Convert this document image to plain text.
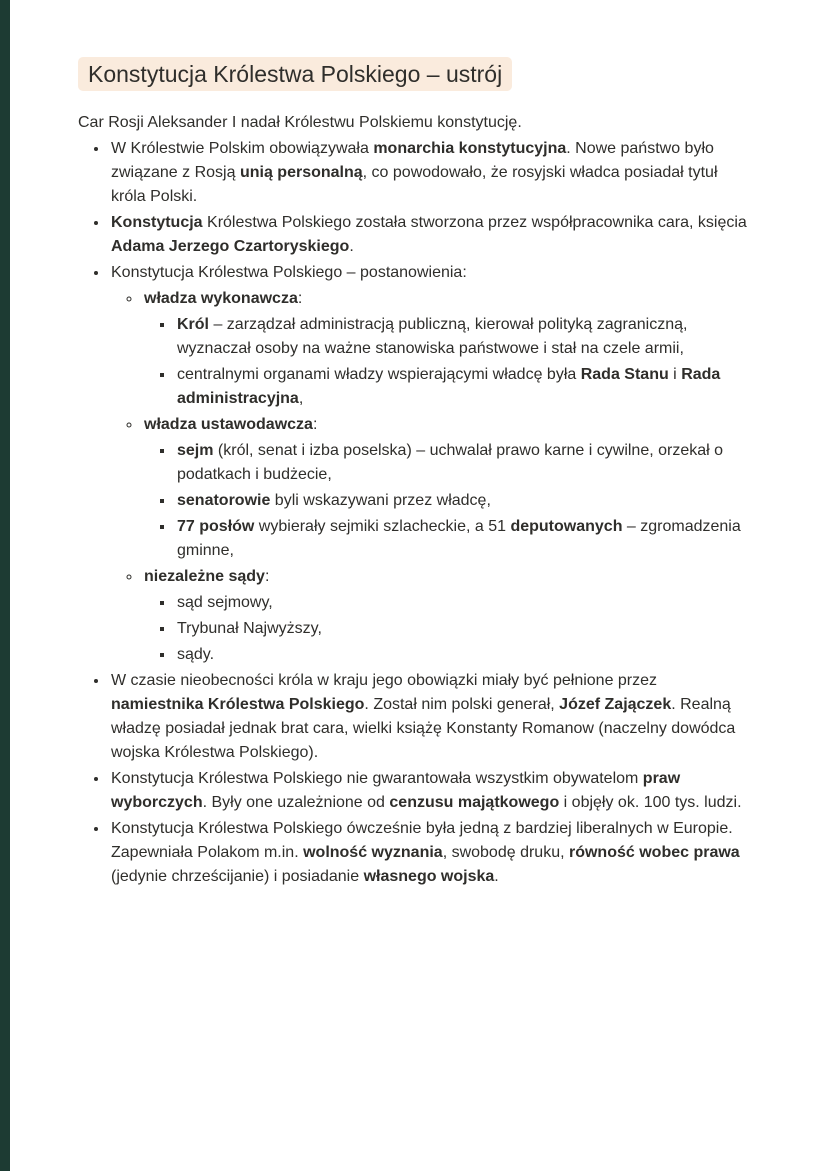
Konstytucja Królestwa Polskiego – ustrój

Car Rosji Aleksander I nadał Królestwu Polskiemu konstytucję.

• W Królestwie Polskim obowiązywała monarchia konstytucyjna. Nowe państwo było związane z Rosją unią personalną, co powodowało, że rosyjski władca posiadał tytuł króla Polski.
• Konstytucja Królestwa Polskiego została stworzona przez współpracownika cara, księcia Adama Jerzego Czartoryskiego.
• Konstytucja Królestwa Polskiego – postanowienia:
◦ władza wykonawcza:
▪ Król – zarządzał administracją publiczną, kierował polityką zagraniczną, wyznaczał osoby na ważne stanowiska państwowe i stał na czele armii,
▪ centralnymi organami władzy wspierającymi władcę była Rada Stanu i Rada administracyjna,
◦ władza ustawodawcza:
▪ sejm (król, senat i izba poselska) – uchwalał prawo karne i cywilne, orzekał o podatkach i budżecie,
▪ senatorowie byli wskazywani przez władcę,
▪ 77 posłów wybierały sejmiki szlacheckie, a 51 deputowanych – zgromadzenia gminne,
◦ niezależne sądy:
▪ sąd sejmowy,
▪ Trybunał Najwyższy,
▪ sądy.
• W czasie nieobecności króla w kraju jego obowiązki miały być pełnione przez namiestnika Królestwa Polskiego. Został nim polski generał, Józef Zajączek. Realną władzę posiadał jednak brat cara, wielki książę Konstanty Romanow (naczelny dowódca wojska Królestwa Polskiego).
• Konstytucja Królestwa Polskiego nie gwarantowała wszystkim obywatelom praw wyborczych. Były one uzależnione od cenzusu majątkowego i objęły ok. 100 tys. ludzi.
• Konstytucja Królestwa Polskiego ówcześnie była jedną z bardziej liberalnych w Europie. Zapewniała Polakom m.in. wolność wyznania, swobodę druku, równość wobec prawa (jedynie chrześcijanie) i posiadanie własnego wojska.
